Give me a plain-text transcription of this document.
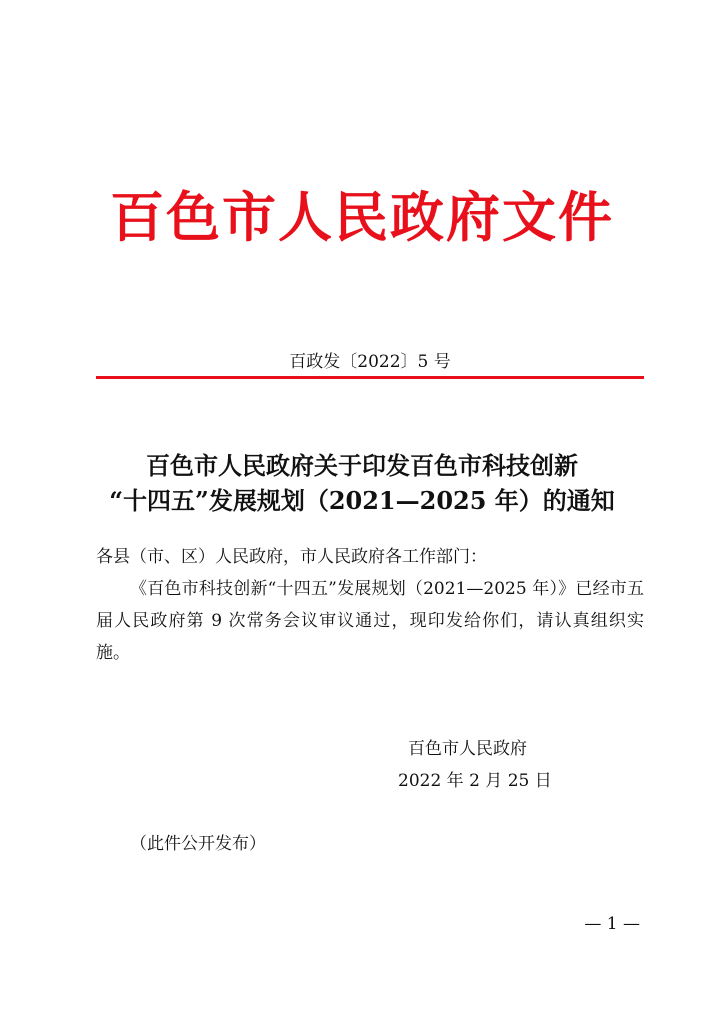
百色市人民政府文件
百政发〔2022〕5 号
百色市人民政府关于印发百色市科技创新
“十四五”发展规划（2021—2025 年）的通知
各县（市、区）人民政府，市人民政府各工作部门：

《百色市科技创新“十四五”发展规划（2021—2025 年）》已经市五届人民政府第 9 次常务会议审议通过，现印发给你们，请认真组织实施。

百色市人民政府
2022 年 2 月 25 日
（此件公开发布）
— 1 —
